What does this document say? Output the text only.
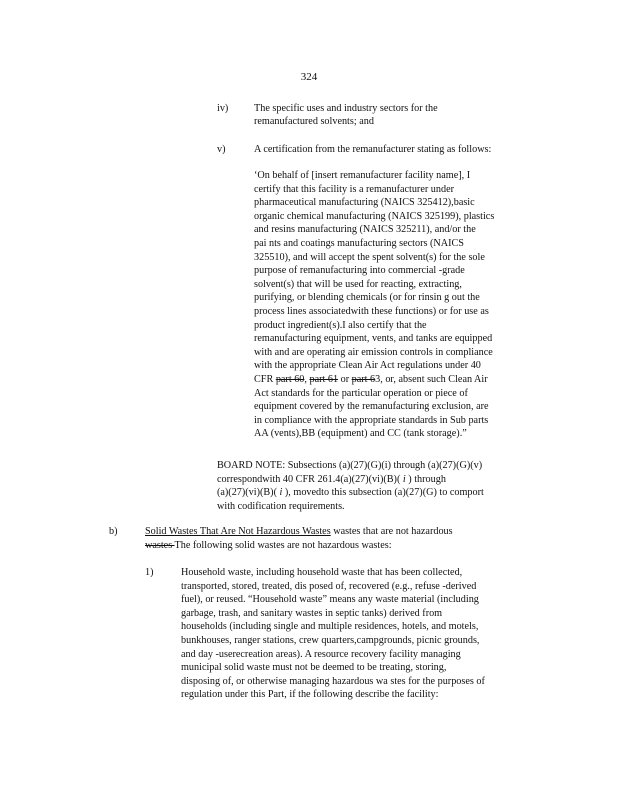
324
iv)	The specific uses and industry sectors for the
remanufactured solvents; and
v)	A certification from the remanufacturer stating as follows:
‘On behalf of [insert remanufacturer facility name], I
certify that this facility is a remanufacturer under
pharmaceutical manufacturing (NAICS 325412),basic
organic chemical manufacturing (NAICS 325199), plastics
and resins manufacturing (NAICS 325211), and/or the
pai nts and coatings manufacturing sectors (NAICS
325510), and will accept the spent solvent(s) for the sole
purpose of remanufacturing into commercial -grade
solvent(s) that will be used for reacting, extracting,
purifying, or blending chemicals (or for rinsin g out the
process lines associatedwith these functions) or for use as
product ingredient(s).I also certify that the
remanufacturing equipment, vents, and tanks are equipped
with and are operating air emission controls in compliance
with the appropriate Clean Air Act regulations under 40
CFR part 60, part 61 or part 63, or, absent such Clean Air
Act standards for the particular operation or piece of
equipment covered by the remanufacturing exclusion, are
in compliance with the appropriate standards in Sub parts
AA (vents),BB (equipment) and CC (tank storage).”
BOARD NOTE: Subsections (a)(27)(G)(i) through (a)(27)(G)(v)
correspondwith 40 CFR 261.4(a)(27)(vi)(B)( i ) through
(a)(27)(vi)(B)( i ), movedto this subsection (a)(27)(G) to comport
with codification requirements.
b)	Solid Wastes That Are Not Hazardous Wastes wastes that are not hazardous
wastes The following solid wastes are not hazardous wastes:
1)	Household waste, including household waste that has been collected,
transported, stored, treated, dis posed of, recovered (e.g., refuse -derived
fuel), or reused. “Household waste” means any waste material (including
garbage, trash, and sanitary wastes in septic tanks) derived from
households (including single and multiple residences, hotels, and motels,
bunkhouses, ranger stations, crew quarters,campgrounds, picnic grounds,
and day -userecreation areas). A resource recovery facility managing
municipal solid waste must not be deemed to be treating, storing,
disposing of, or otherwise managing hazardous wa stes for the purposes of
regulation under this Part, if the following describe the facility:
